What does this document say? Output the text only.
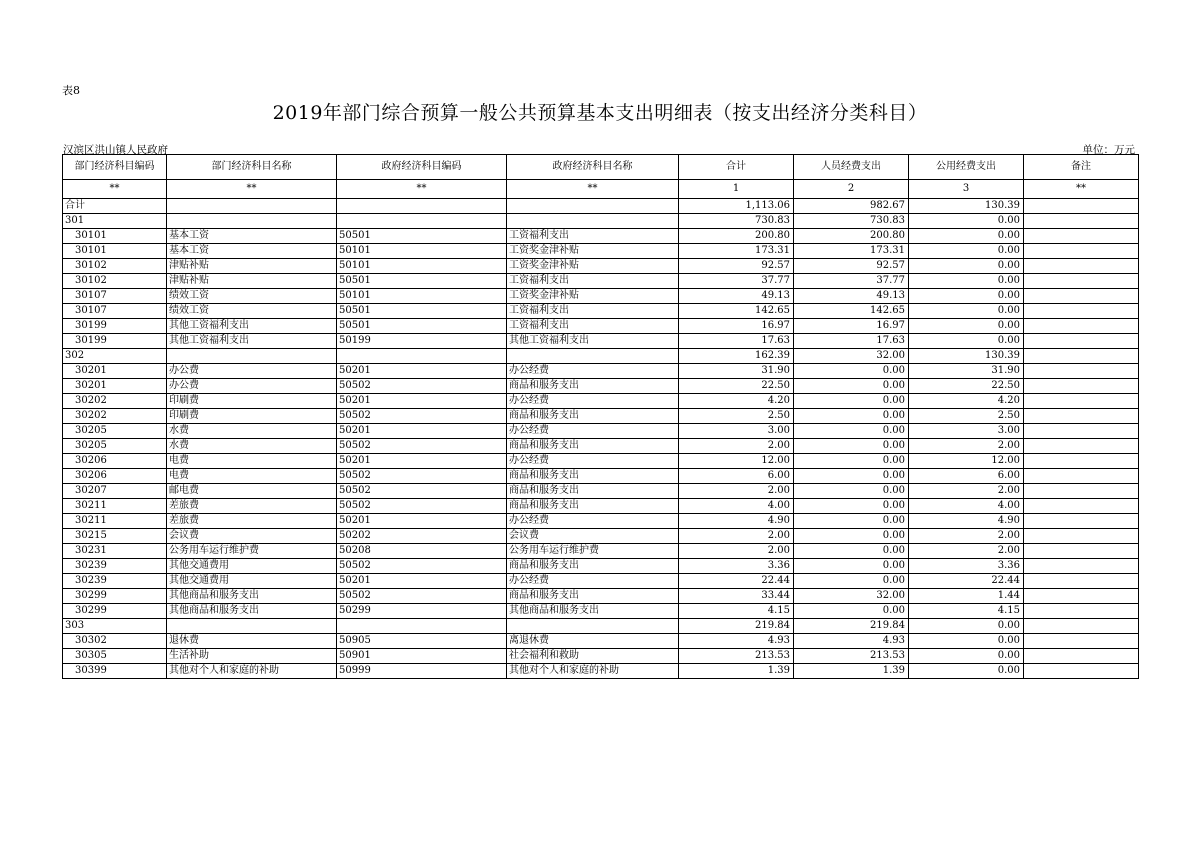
表8
2019年部门综合预算一般公共预算基本支出明细表（按支出经济分类科目）
汉滨区洪山镇人民政府	单位：万元
部门经济科目编码	部门经济科目名称	政府经济科目编码	政府经济科目名称	合计	人员经费支出	公用经费支出	备注
**	**	**	**	1	2	3	**
合计				1,113.06	982.67	130.39	
301				730.83	730.83	0.00	
30101	基本工资	50501	工资福利支出	200.80	200.80	0.00	
30101	基本工资	50101	工资奖金津补贴	173.31	173.31	0.00	
30102	津贴补贴	50101	工资奖金津补贴	92.57	92.57	0.00	
30102	津贴补贴	50501	工资福利支出	37.77	37.77	0.00	
30107	绩效工资	50101	工资奖金津补贴	49.13	49.13	0.00	
30107	绩效工资	50501	工资福利支出	142.65	142.65	0.00	
30199	其他工资福利支出	50501	工资福利支出	16.97	16.97	0.00	
30199	其他工资福利支出	50199	其他工资福利支出	17.63	17.63	0.00	
302				162.39	32.00	130.39	
30201	办公费	50201	办公经费	31.90	0.00	31.90	
30201	办公费	50502	商品和服务支出	22.50	0.00	22.50	
30202	印刷费	50201	办公经费	4.20	0.00	4.20	
30202	印刷费	50502	商品和服务支出	2.50	0.00	2.50	
30205	水费	50201	办公经费	3.00	0.00	3.00	
30205	水费	50502	商品和服务支出	2.00	0.00	2.00	
30206	电费	50201	办公经费	12.00	0.00	12.00	
30206	电费	50502	商品和服务支出	6.00	0.00	6.00	
30207	邮电费	50502	商品和服务支出	2.00	0.00	2.00	
30211	差旅费	50502	商品和服务支出	4.00	0.00	4.00	
30211	差旅费	50201	办公经费	4.90	0.00	4.90	
30215	会议费	50202	会议费	2.00	0.00	2.00	
30231	公务用车运行维护费	50208	公务用车运行维护费	2.00	0.00	2.00	
30239	其他交通费用	50502	商品和服务支出	3.36	0.00	3.36	
30239	其他交通费用	50201	办公经费	22.44	0.00	22.44	
30299	其他商品和服务支出	50502	商品和服务支出	33.44	32.00	1.44	
30299	其他商品和服务支出	50299	其他商品和服务支出	4.15	0.00	4.15	
303				219.84	219.84	0.00	
30302	退休费	50905	离退休费	4.93	4.93	0.00	
30305	生活补助	50901	社会福利和救助	213.53	213.53	0.00	
30399	其他对个人和家庭的补助	50999	其他对个人和家庭的补助	1.39	1.39	0.00	
